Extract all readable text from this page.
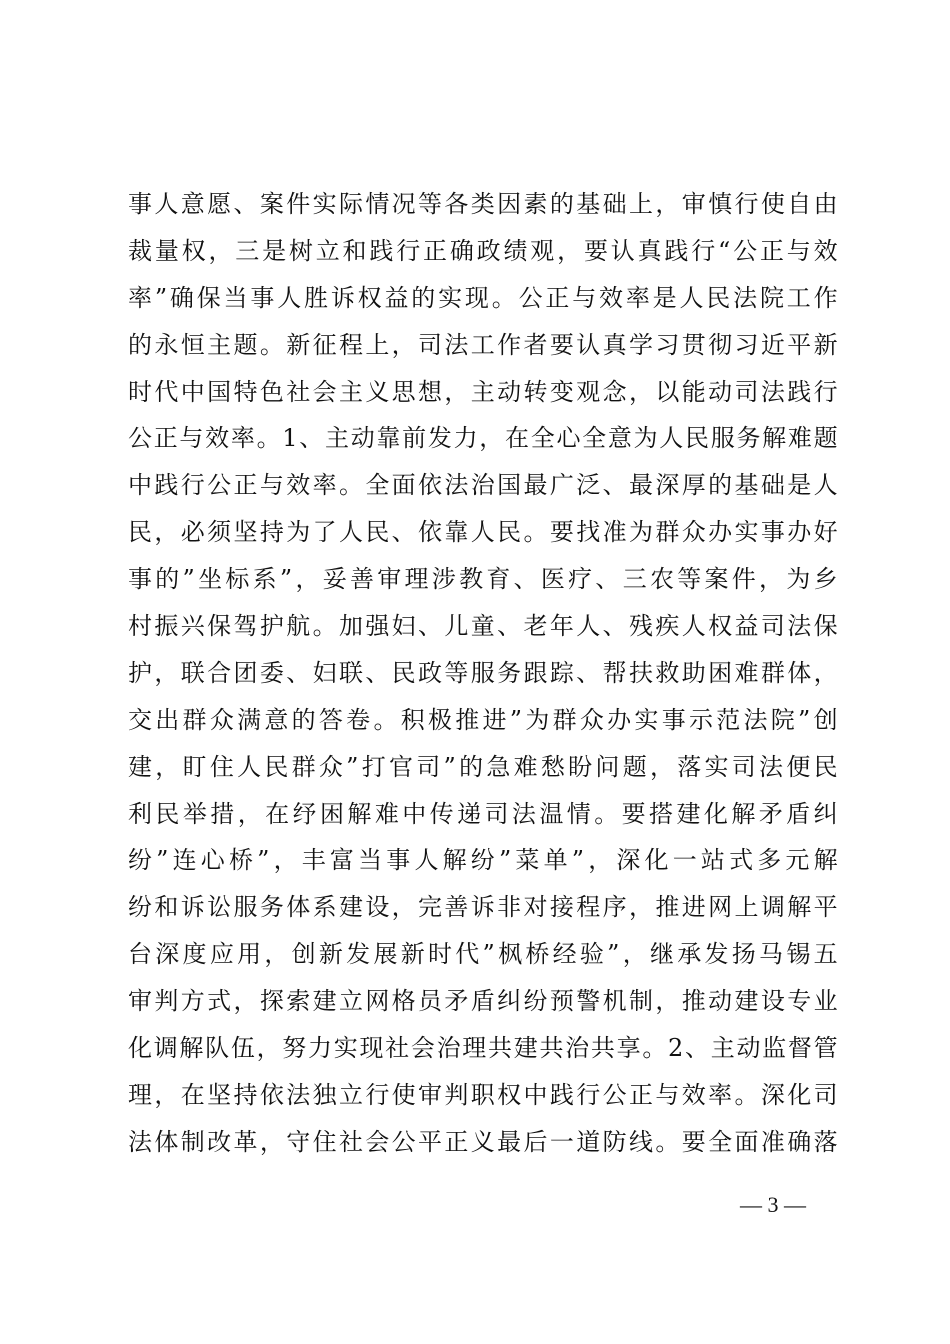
事人意愿、案件实际情况等各类因素的基础上，审慎行使自由
裁量权，三是树立和践行正确政绩观，要认真践行“公正与效
率”确保当事人胜诉权益的实现。公正与效率是人民法院工作
的永恒主题。新征程上，司法工作者要认真学习贯彻习近平新
时代中国特色社会主义思想，主动转变观念，以能动司法践行
公正与效率。1、主动靠前发力，在全心全意为人民服务解难题
中践行公正与效率。全面依法治国最广泛、最深厚的基础是人
民，必须坚持为了人民、依靠人民。要找准为群众办实事办好
事的”坐标系”，妥善审理涉教育、医疗、三农等案件，为乡
村振兴保驾护航。加强妇、儿童、老年人、残疾人权益司法保
护，联合团委、妇联、民政等服务跟踪、帮扶救助困难群体，
交出群众满意的答卷。积极推进”为群众办实事示范法院”创
建，盯住人民群众”打官司”的急难愁盼问题，落实司法便民
利民举措，在纾困解难中传递司法温情。要搭建化解矛盾纠
纷”连心桥”，丰富当事人解纷”菜单”，深化一站式多元解
纷和诉讼服务体系建设，完善诉非对接程序，推进网上调解平
台深度应用，创新发展新时代”枫桥经验”，继承发扬马锡五
审判方式，探索建立网格员矛盾纠纷预警机制，推动建设专业
化调解队伍，努力实现社会治理共建共治共享。2、主动监督管
理，在坚持依法独立行使审判职权中践行公正与效率。深化司
法体制改革，守住社会公平正义最后一道防线。要全面准确落
— 3 —
